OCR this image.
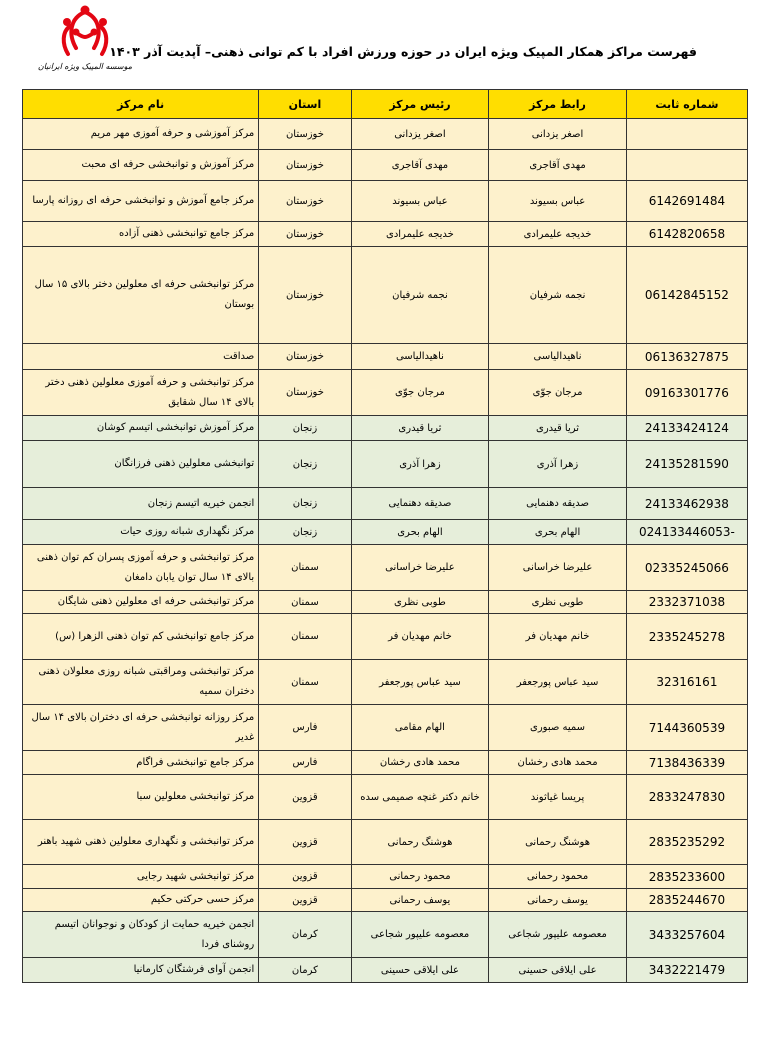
موسسه المپیک ویژه ایرانیان
فهرست مراکز همکار المپیک ویژه ایران در حوزه ورزش افراد با کم توانی ذهنی– آپدیت آذر ۱۴۰۳
شماره ثابت	رابط مرکز	رئیس مرکز	استان	نام مرکز
	اصغر یزدانی	اصغر یزدانی	خوزستان	مرکز آموزشی و حرفه آموزی مهر مریم
	مهدی آقاجری	مهدی آقاجری	خوزستان	مرکز آموزش و توانبخشی حرفه ای محبت
6142691484	عباس بسیوند	عباس بسیوند	خوزستان	مرکز جامع آموزش و توانبخشی حرفه ای روزانه پارسا
6142820658	خدیجه علیمرادی	خدیجه علیمرادی	خوزستان	مرکز جامع توانبخشی ذهنی آزاده
06142845152	نجمه شرفیان	نجمه شرفیان	خوزستان	مرکز توانبخشی حرفه ای معلولین دختر بالای ۱۵ سال بوستان
06136327875	ناهیدالیاسی	ناهیدالیاسی	خوزستان	صداقت
09163301776	مرجان جوّی	مرجان جوّی	خوزستان	مرکز توانبخشی و حرفه آموزی معلولین ذهنی دختر بالای ۱۴ سال شقایق
24133424124	ثریا قیدری	ثریا قیدری	زنجان	مرکز آموزش توانبخشی اتیسم کوشان
24135281590	زهرا آذری	زهرا آذری	زنجان	توانبخشی معلولین ذهنی فرزانگان
24133462938	صدیقه دهنمایی	صدیقه دهنمایی	زنجان	انجمن خیریه اتیسم زنجان
024133446053-	الهام بحری	الهام بحری	زنجان	مرکز نگهداری شبانه روزی حیات
02335245066	علیرضا خراسانی	علیرضا خراسانی	سمنان	مرکز توانبخشی و حرفه آموزی پسران کم توان ذهنی بالای ۱۴ سال توان یابان دامغان
2332371038	طوبی نظری	طوبی نظری	سمنان	مرکز توانبخشی حرفه ای معلولین ذهنی شایگان
2335245278	خانم مهدیان فر	خانم مهدیان فر	سمنان	مرکز جامع توانبخشی کم توان ذهنی الزهرا (س)
32316161	سید عباس پورجعفر	سید عباس پورجعفر	سمنان	مرکز توانبخشی ومراقبتی شبانه روزی معلولان ذهنی دختران سمیه
7144360539	سمیه صبوری	الهام مقامی	فارس	مرکز روزانه توانبخشی حرفه ای دختران بالای ۱۴ سال غدیر
7138436339	محمد هادی رخشان	محمد هادی رخشان	فارس	مرکز جامع توانبخشی فراگام
2833247830	پریسا غیاثوند	خانم دکتر غنچه صمیمی سده	قزوین	مرکز توانبخشی معلولین سبا
2835235292	هوشنگ رحمانی	هوشنگ رحمانی	قزوین	مرکز توانبخشی و نگهداری معلولین ذهنی شهید باهنر
2835233600	محمود رحمانی	محمود رحمانی	قزوین	مرکز توانبخشی شهید رجایی
2835244670	یوسف رحمانی	یوسف رحمانی	قزوین	مرکز حسی حرکتی حکیم
3433257604	معصومه علیپور شجاعی	معصومه علیپور شجاعی	کرمان	انجمن خیریه حمایت از کودکان و نوجوانان اتیسم روشنای فردا
3432221479	علی ایلاقی حسینی	علی ایلاقی حسینی	کرمان	انجمن آوای فرشتگان کارمانیا
